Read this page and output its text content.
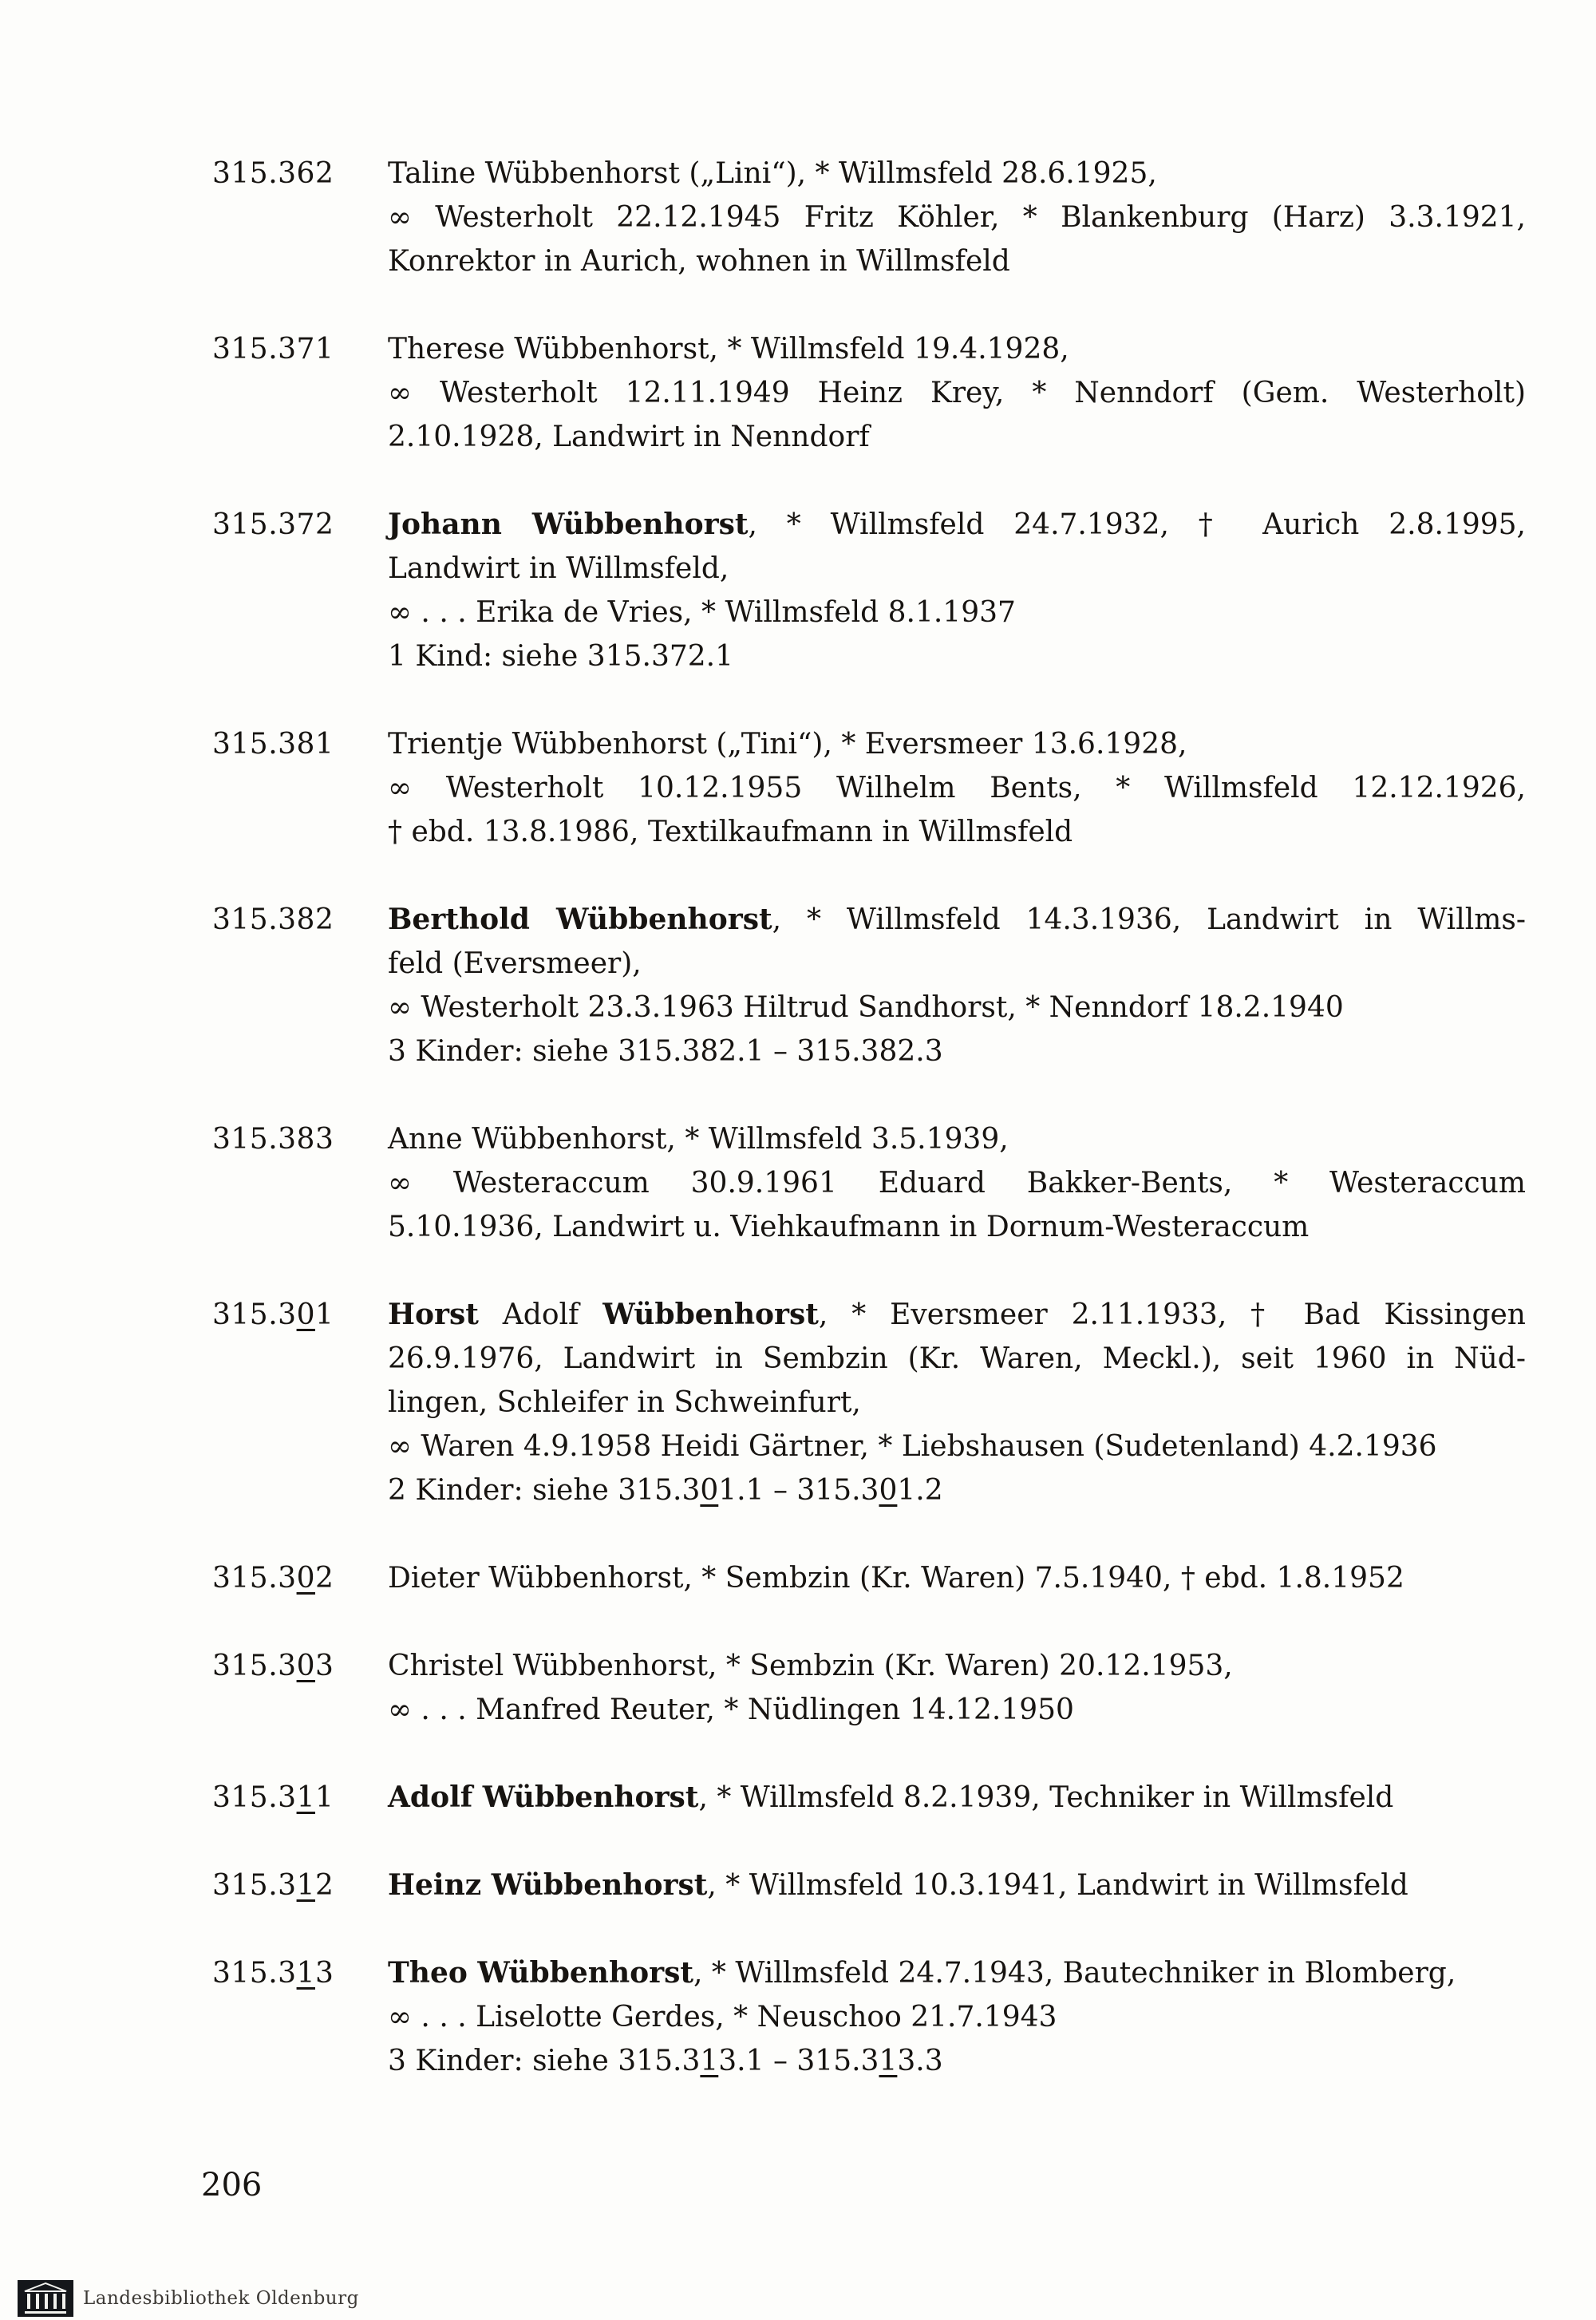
315.362	Taline Wübbenhorst („Lini“), * Willmsfeld 28.6.1925,
∞ Westerholt 22.12.1945 Fritz Köhler, * Blankenburg (Harz) 3.3.1921,
Konrektor in Aurich, wohnen in Willmsfeld
315.371	Therese Wübbenhorst, * Willmsfeld 19.4.1928,
∞ Westerholt 12.11.1949 Heinz Krey, * Nenndorf (Gem. Westerholt)
2.10.1928, Landwirt in Nenndorf
315.372	Johann Wübbenhorst, * Willmsfeld 24.7.1932, † Aurich 2.8.1995,
Landwirt in Willmsfeld,
∞ . . . Erika de Vries, * Willmsfeld 8.1.1937
1 Kind: siehe 315.372.1
315.381	Trientje Wübbenhorst („Tini“), * Eversmeer 13.6.1928,
∞ Westerholt 10.12.1955 Wilhelm Bents, * Willmsfeld 12.12.1926,
† ebd. 13.8.1986, Textilkaufmann in Willmsfeld
315.382	Berthold Wübbenhorst, * Willmsfeld 14.3.1936, Landwirt in Willms-
feld (Eversmeer),
∞ Westerholt 23.3.1963 Hiltrud Sandhorst, * Nenndorf 18.2.1940
3 Kinder: siehe 315.382.1 – 315.382.3
315.383	Anne Wübbenhorst, * Willmsfeld 3.5.1939,
∞ Westeraccum 30.9.1961 Eduard Bakker-Bents, * Westeraccum
5.10.1936, Landwirt u. Viehkaufmann in Dornum-Westeraccum
315.301	Horst Adolf Wübbenhorst, * Eversmeer 2.11.1933, † Bad Kissingen
26.9.1976, Landwirt in Sembzin (Kr. Waren, Meckl.), seit 1960 in Nüd-
lingen, Schleifer in Schweinfurt,
∞ Waren 4.9.1958 Heidi Gärtner, * Liebshausen (Sudetenland) 4.2.1936
2 Kinder: siehe 315.301.1 – 315.301.2
315.302	Dieter Wübbenhorst, * Sembzin (Kr. Waren) 7.5.1940, † ebd. 1.8.1952
315.303	Christel Wübbenhorst, * Sembzin (Kr. Waren) 20.12.1953,
∞ . . . Manfred Reuter, * Nüdlingen 14.12.1950
315.311	Adolf Wübbenhorst, * Willmsfeld 8.2.1939, Techniker in Willmsfeld
315.312	Heinz Wübbenhorst, * Willmsfeld 10.3.1941, Landwirt in Willmsfeld
315.313	Theo Wübbenhorst, * Willmsfeld 24.7.1943, Bautechniker in Blomberg,
∞ . . . Liselotte Gerdes, * Neuschoo 21.7.1943
3 Kinder: siehe 315.313.1 – 315.313.3
206
Landesbibliothek Oldenburg
